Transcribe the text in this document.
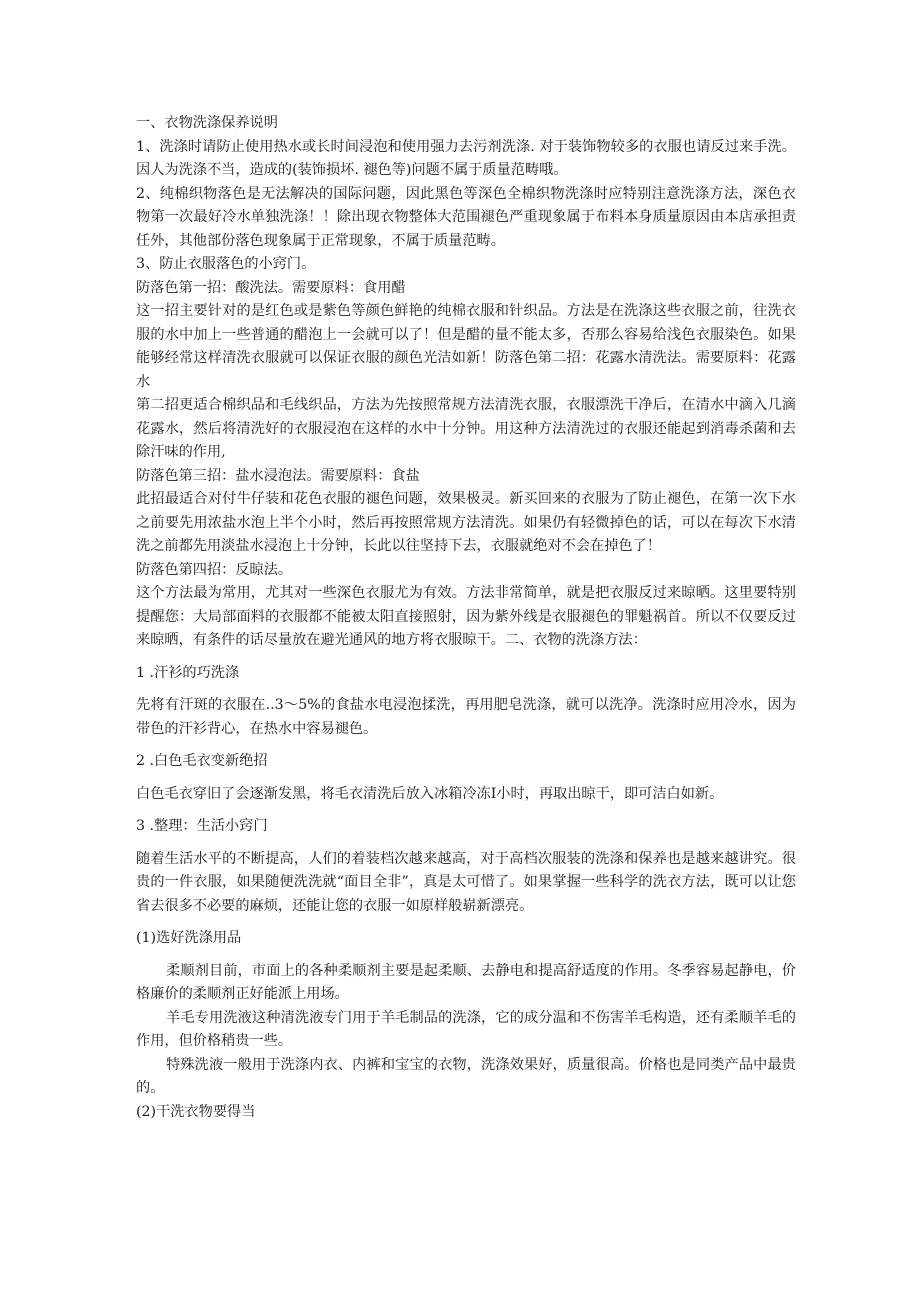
一、衣物洗涤保养说明

1、洗涤时请防止使用热水或长时间浸泡和使用强力去污剂洗涤. 对于装饰物较多的衣服也请反过来手洗。因人为洗涤不当，造成的(装饰损坏. 褪色等)问题不属于质量范畴哦。

2、纯棉织物落色是无法解决的国际问题，因此黑色等深色全棉织物洗涤时应特别注意洗涤方法，深色衣物第一次最好冷水单独洗涤！！除出现衣物整体大范围褪色严重现象属于布料本身质量原因由本店承担责任外，其他部份落色现象属于正常现象，不属于质量范畴。

3、防止衣服落色的小窍门。

防落色第一招：酸洗法。需要原料：食用醋

这一招主要针对的是红色或是紫色等颜色鲜艳的纯棉衣服和针织品。方法是在洗涤这些衣服之前，往洗衣服的水中加上一些普通的醋泡上一会就可以了！但是醋的量不能太多，否那么容易给浅色衣服染色。如果能够经常这样清洗衣服就可以保证衣服的颜色光洁如新！防落色第二招：花露水清洗法。需要原料：花露水

第二招更适合棉织品和毛线织品，方法为先按照常规方法清洗衣服，衣服漂洗干净后，在清水中滴入几滴花露水，然后将清洗好的衣服浸泡在这样的水中十分钟。用这种方法清洗过的衣服还能起到消毒杀菌和去除汗味的作用,

防落色第三招：盐水浸泡法。需要原料：食盐

此招最适合对付牛仔装和花色衣服的褪色问题，效果极灵。新买回来的衣服为了防止褪色，在第一次下水之前要先用浓盐水泡上半个小时，然后再按照常规方法清洗。如果仍有轻微掉色的话，可以在每次下水清洗之前都先用淡盐水浸泡上十分钟，长此以往坚持下去，衣服就绝对不会在掉色了！

防落色第四招：反晾法。

这个方法最为常用，尤其对一些深色衣服尤为有效。方法非常简单，就是把衣服反过来晾晒。这里要特别提醒您：大局部面料的衣服都不能被太阳直接照射，因为紫外线是衣服褪色的罪魁祸首。所以不仅要反过来晾晒，有条件的话尽量放在避光通风的地方将衣服晾干。二、衣物的洗涤方法：

1 .汗衫的巧洗涤

先将有汗斑的衣服在..3～5%的食盐水电浸泡揉洗，再用肥皂洗涤，就可以洗净。洗涤时应用冷水，因为带色的汗衫背心，在热水中容易褪色。

2 .白色毛衣变新绝招

白色毛衣穿旧了会逐渐发黑，将毛衣清洗后放入冰箱冷冻I小时，再取出晾干，即可洁白如新。

3 .整理：生活小窍门

随着生活水平的不断提高，人们的着装档次越来越高，对于高档次服装的洗涤和保养也是越来越讲究。很贵的一件衣服，如果随便洗洗就“面目全非”，真是太可惜了。如果掌握一些科学的洗衣方法，既可以让您省去很多不必要的麻烦，还能让您的衣服一如原样般崭新漂亮。

(1)选好洗涤用品

柔顺剂目前，市面上的各种柔顺剂主要是起柔顺、去静电和提高舒适度的作用。冬季容易起静电，价格廉价的柔顺剂正好能派上用场。

羊毛专用洗液这种清洗液专门用于羊毛制品的洗涤，它的成分温和不伤害羊毛构造，还有柔顺羊毛的作用，但价格稍贵一些。

特殊洗液一般用于洗涤内衣、内裤和宝宝的衣物，洗涤效果好，质量很高。价格也是同类产品中最贵的。

(2)干洗衣物要得当
